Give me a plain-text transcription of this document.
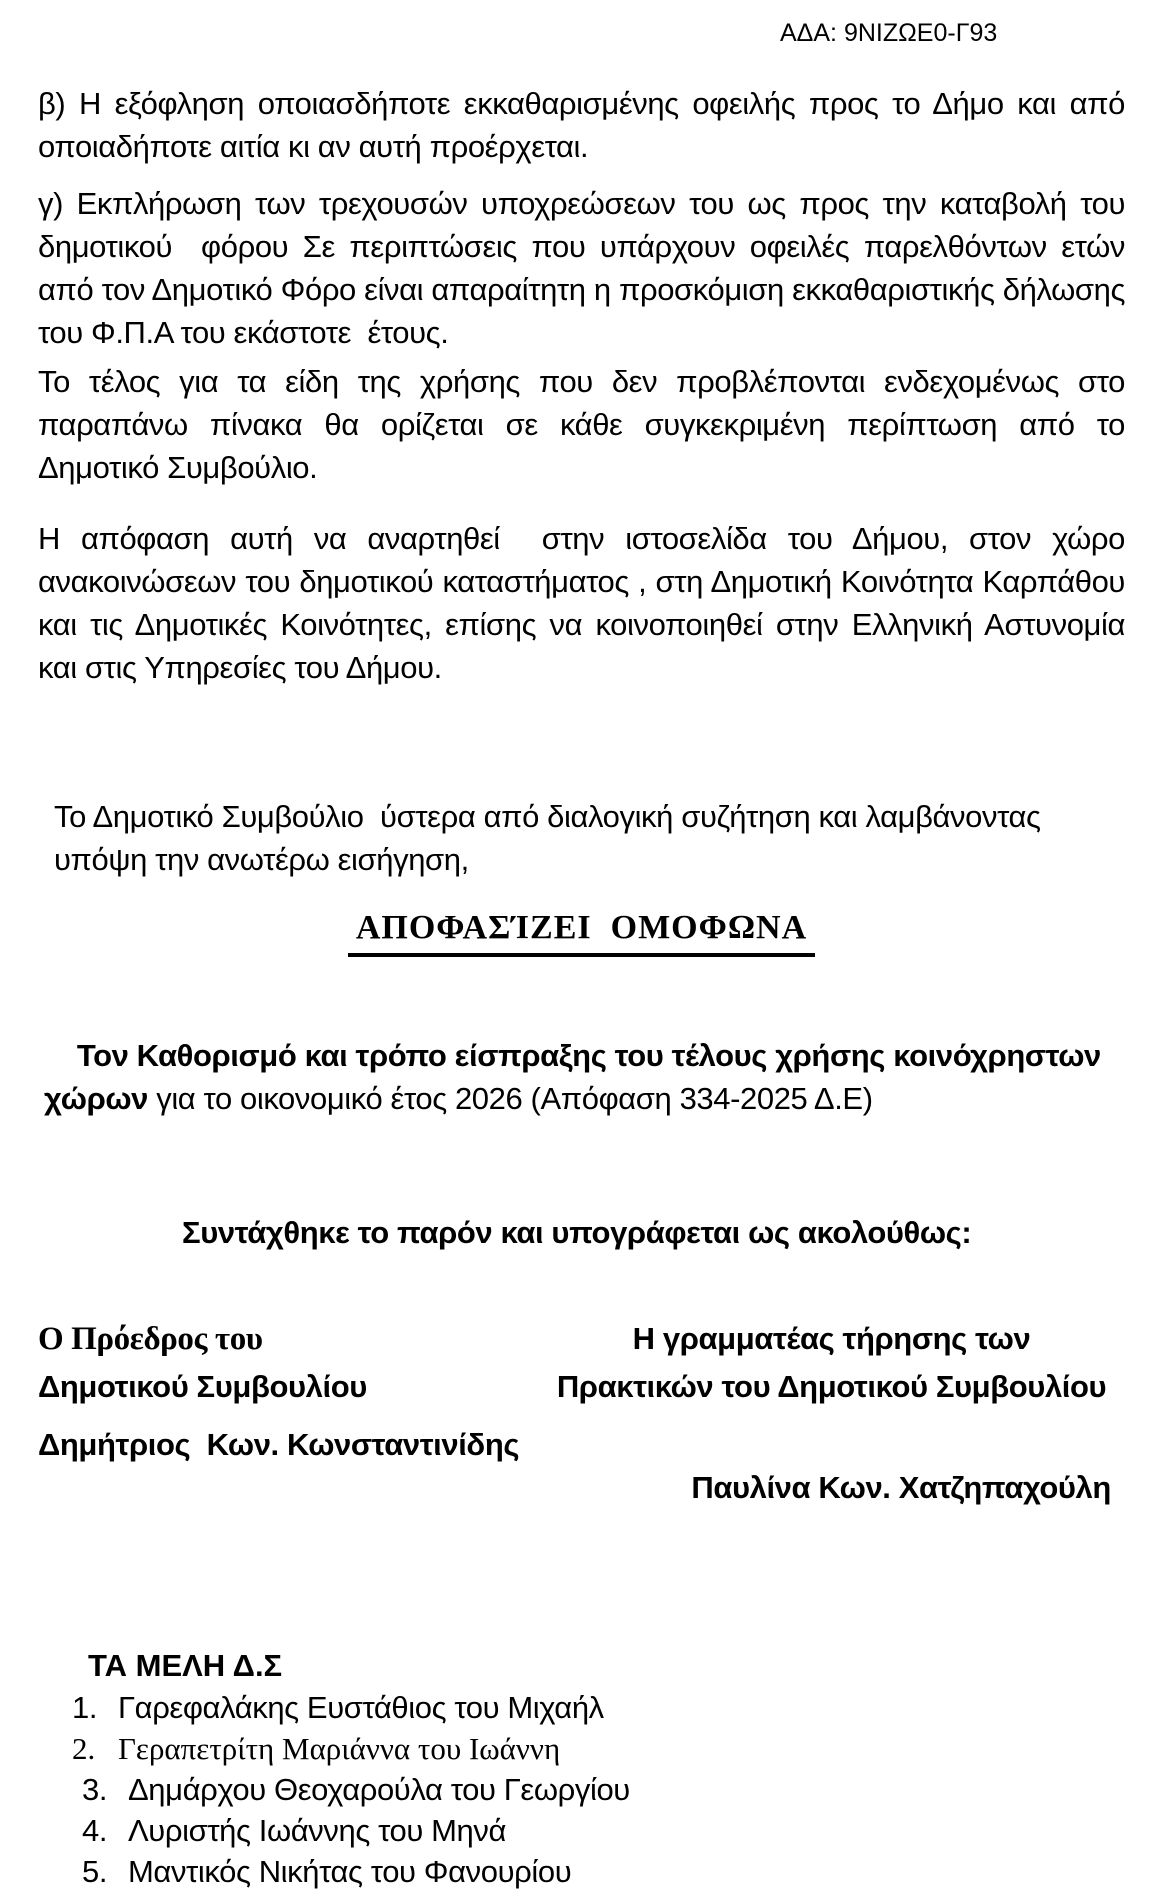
ΑΔΑ: 9ΝΙΖΩΕ0-Γ93

β) Η εξόφληση οποιασδήποτε εκκαθαρισμένης οφειλής προς το Δήμο και από οποιαδήποτε αιτία κι αν αυτή προέρχεται.

γ) Εκπλήρωση των τρεχουσών υποχρεώσεων του ως προς την καταβολή του δημοτικού  φόρου Σε περιπτώσεις που υπάρχουν οφειλές παρελθόντων ετών από τον Δημοτικό Φόρο είναι απαραίτητη η προσκόμιση εκκαθαριστικής δήλωσης του Φ.Π.Α του εκάστοτε  έτους.

Το τέλος για τα είδη της χρήσης που δεν προβλέπονται ενδεχομένως στο παραπάνω πίνακα θα ορίζεται σε κάθε συγκεκριμένη περίπτωση από το Δημοτικό Συμβούλιο.

Η απόφαση αυτή να αναρτηθεί  στην ιστοσελίδα του Δήμου, στον χώρο ανακοινώσεων του δημοτικού καταστήματος , στη Δημοτική Κοινότητα Καρπάθου και τις Δημοτικές Κοινότητες, επίσης να κοινοποιηθεί στην Ελληνική Αστυνομία και στις Υπηρεσίες του Δήμου.

Το Δημοτικό Συμβούλιο  ύστερα από διαλογική συζήτηση και λαμβάνοντας υπόψη την ανωτέρω εισήγηση,

ΑΠΟΦΑΣΊΖΕΙ  ΟΜΟΦΩΝΑ

Τον Καθορισμό και τρόπο είσπραξης του τέλους χρήσης κοινόχρηστων χώρων για το οικονομικό έτος 2026 (Απόφαση 334-2025 Δ.Ε)

Συντάχθηκε το παρόν και υπογράφεται ως ακολούθως:

Ο Πρόεδρος του
Δημοτικού Συμβουλίου
Η γραμματέας τήρησης των
Πρακτικών του Δημοτικού Συμβουλίου
Δημήτριος  Κων. Κωνσταντινίδης

Παυλίνα Κων. Χατζηπαχούλη

ΤΑ ΜΕΛΗ Δ.Σ
1. Γαρεφαλάκης Ευστάθιος του Μιχαήλ
2. Γεραπετρίτη Μαριάννα του Ιωάννη
3. Δημάρχου Θεοχαρούλα του Γεωργίου
4. Λυριστής Ιωάννης του Μηνά
5. Μαντικός Νικήτας του Φανουρίου
